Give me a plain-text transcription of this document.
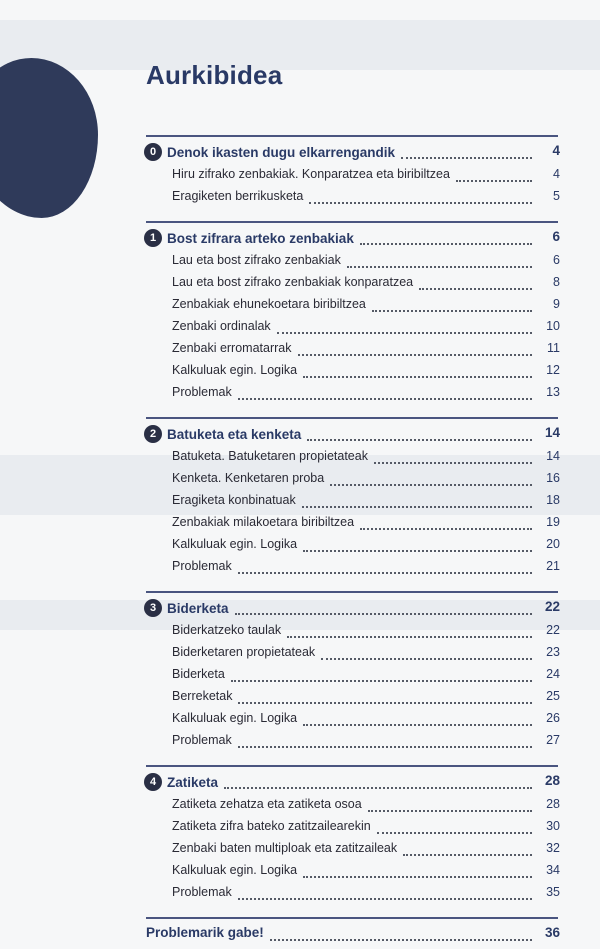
Aurkibidea
0 Denok ikasten dugu elkarrengandik	4
Hiru zifrako zenbakiak. Konparatzea eta biribiltzea	4
Eragiketen berrikusketa	5
1 Bost zifrara arteko zenbakiak	6
Lau eta bost zifrako zenbakiak	6
Lau eta bost zifrako zenbakiak konparatzea	8
Zenbakiak ehunekoetara biribiltzea	9
Zenbaki ordinalak	10
Zenbaki erromatarrak	11
Kalkuluak egin. Logika	12
Problemak	13
2 Batuketa eta kenketa	14
Batuketa. Batuketaren propietateak	14
Kenketa. Kenketaren proba	16
Eragiketa konbinatuak	18
Zenbakiak milakoetara biribiltzea	19
Kalkuluak egin. Logika	20
Problemak	21
3 Biderketa	22
Biderkatzeko taulak	22
Biderketaren propietateak	23
Biderketa	24
Berreketak	25
Kalkuluak egin. Logika	26
Problemak	27
4 Zatiketa	28
Zatiketa zehatza eta zatiketa osoa	28
Zatiketa zifra bateko zatitzailearekin	30
Zenbaki baten multiploak eta zatitzaileak	32
Kalkuluak egin. Logika	34
Problemak	35
Problemarik gabe!	36
